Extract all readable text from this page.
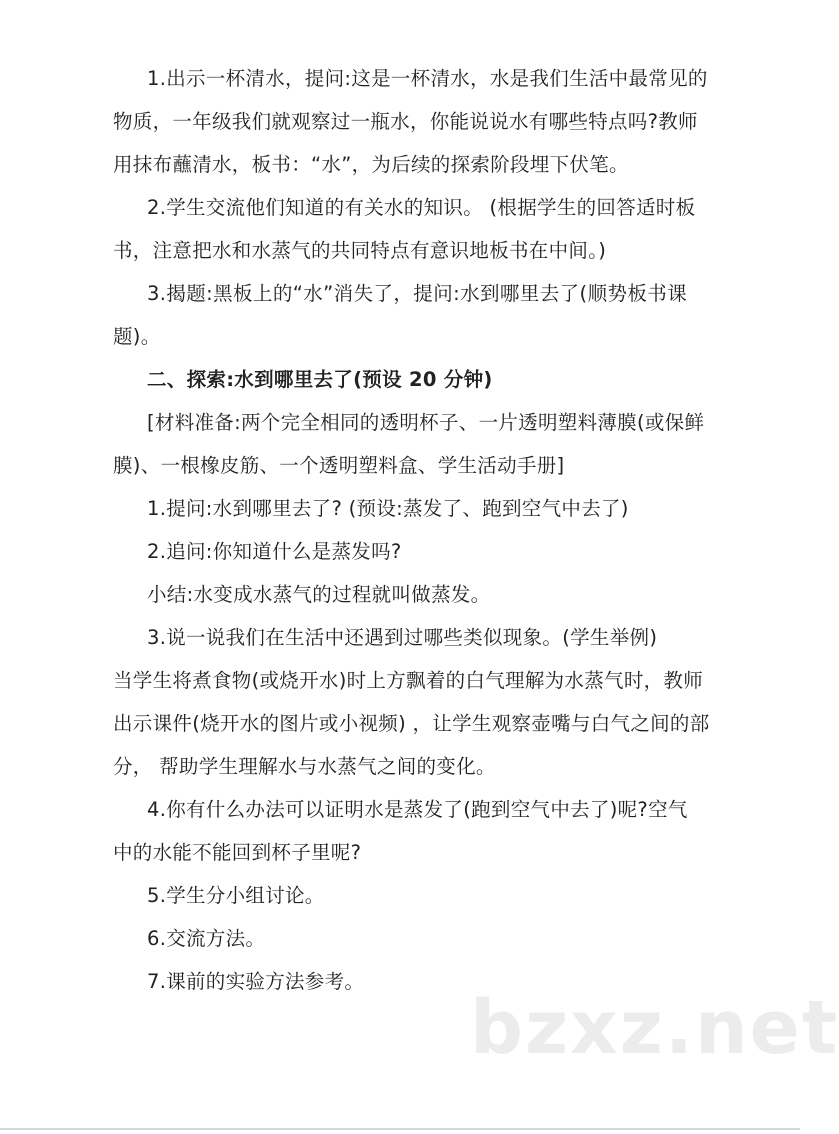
1.出示一杯清水，提问:这是一杯清水，水是我们生活中最常见的
物质，一年级我们就观察过一瓶水，你能说说水有哪些特点吗?教师
用抹布蘸清水，板书：“水”，为后续的探索阶段埋下伏笔。
2.学生交流他们知道的有关水的知识。 (根据学生的回答适时板
书，注意把水和水蒸气的共同特点有意识地板书在中间。)
3.揭题:黑板上的“水”消失了，提问:水到哪里去了(顺势板书课
题)。
二、探索:水到哪里去了(预设 20 分钟)
[材料准备:两个完全相同的透明杯子、一片透明塑料薄膜(或保鲜
膜)、一根橡皮筋、一个透明塑料盒、学生活动手册]
1.提问:水到哪里去了? (预设:蒸发了、跑到空气中去了)
2.追问:你知道什么是蒸发吗?
小结:水变成水蒸气的过程就叫做蒸发。
3.说一说我们在生活中还遇到过哪些类似现象。(学生举例)
当学生将煮食物(或烧开水)时上方飘着的白气理解为水蒸气时，教师
出示课件(烧开水的图片或小视频) ，让学生观察壶嘴与白气之间的部
分， 帮助学生理解水与水蒸气之间的变化。
4.你有什么办法可以证明水是蒸发了(跑到空气中去了)呢?空气
中的水能不能回到杯子里呢?
5.学生分小组讨论。
6.交流方法。
7.课前的实验方法参考。
bzxz.net
